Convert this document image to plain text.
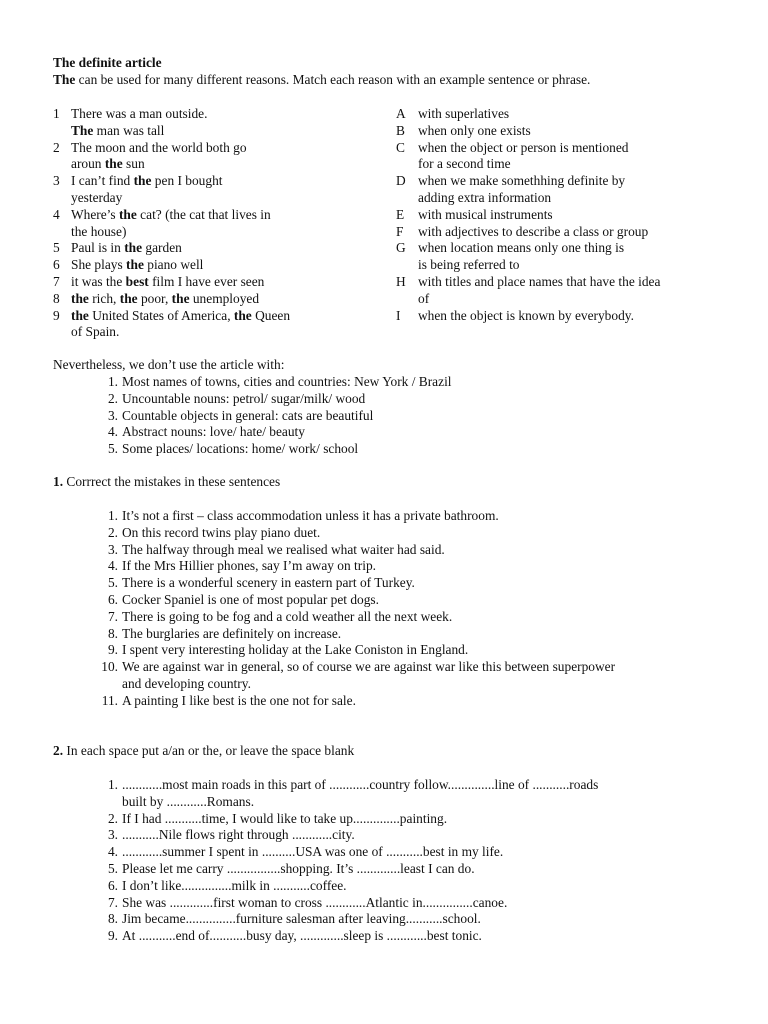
The definite article
The can be used for many different reasons. Match each reason with an example sentence or phrase.
1 There was a man outside.
The man was tall
2 The moon and the world both go
aroun the sun
3 I can’t find the pen I bought
yesterday
4 Where’s the cat? (the cat that lives in
the house)
5 Paul is in the garden
6 She plays the piano well
7 it was the best film I have ever seen
8 the rich, the poor, the unemployed
9 the United States of America, the Queen
of Spain.
A with superlatives
B when only one exists
C when the object or person is mentioned
for a second time
D when we make somethhing definite by
adding extra information
E with musical instruments
F with adjectives to describe a class or group
G when location means only one thing is
is being referred to
H with titles and place names that have the idea
of
I when the object is known by everybody.
Nevertheless, we don’t use the article with:
1. Most names of towns, cities and countries: New York / Brazil
2. Uncountable nouns: petrol/ sugar/milk/ wood
3. Countable objects in general: cats are beautiful
4. Abstract nouns: love/ hate/ beauty
5. Some places/ locations: home/ work/ school
1. Corrrect the mistakes in these sentences
1. It’s not a first – class accommodation unless it has a private bathroom.
2. On this record twins play piano duet.
3. The halfway through meal we realised what waiter had said.
4. If the Mrs Hillier phones, say I’m away on trip.
5. There is a wonderful scenery in eastern part of Turkey.
6. Cocker Spaniel is one of most popular pet dogs.
7. There is going to be fog and a cold weather all the next week.
8. The burglaries are definitely on increase.
9. I spent very interesting holiday at the Lake Coniston in England.
10. We are against war in general, so of course we are against war like this between superpower
and developing country.
11. A painting I like best is the one not for sale.
2. In each space put a/an or the, or leave the space blank
1. ............most main roads in this part of ............country follow..............line of ...........roads
built by ............Romans.
2. If I had ...........time, I would like to take up..............painting.
3. ...........Nile flows right through ............city.
4. ............summer I spent in ..........USA was one of ...........best in my life.
5. Please let me carry ................shopping. It’s .............least I can do.
6. I don’t like...............milk in ...........coffee.
7. She was .............first woman to cross ............Atlantic in...............canoe.
8. Jim became...............furniture salesman after leaving...........school.
9. At ...........end of...........busy day, .............sleep is ............best tonic.
